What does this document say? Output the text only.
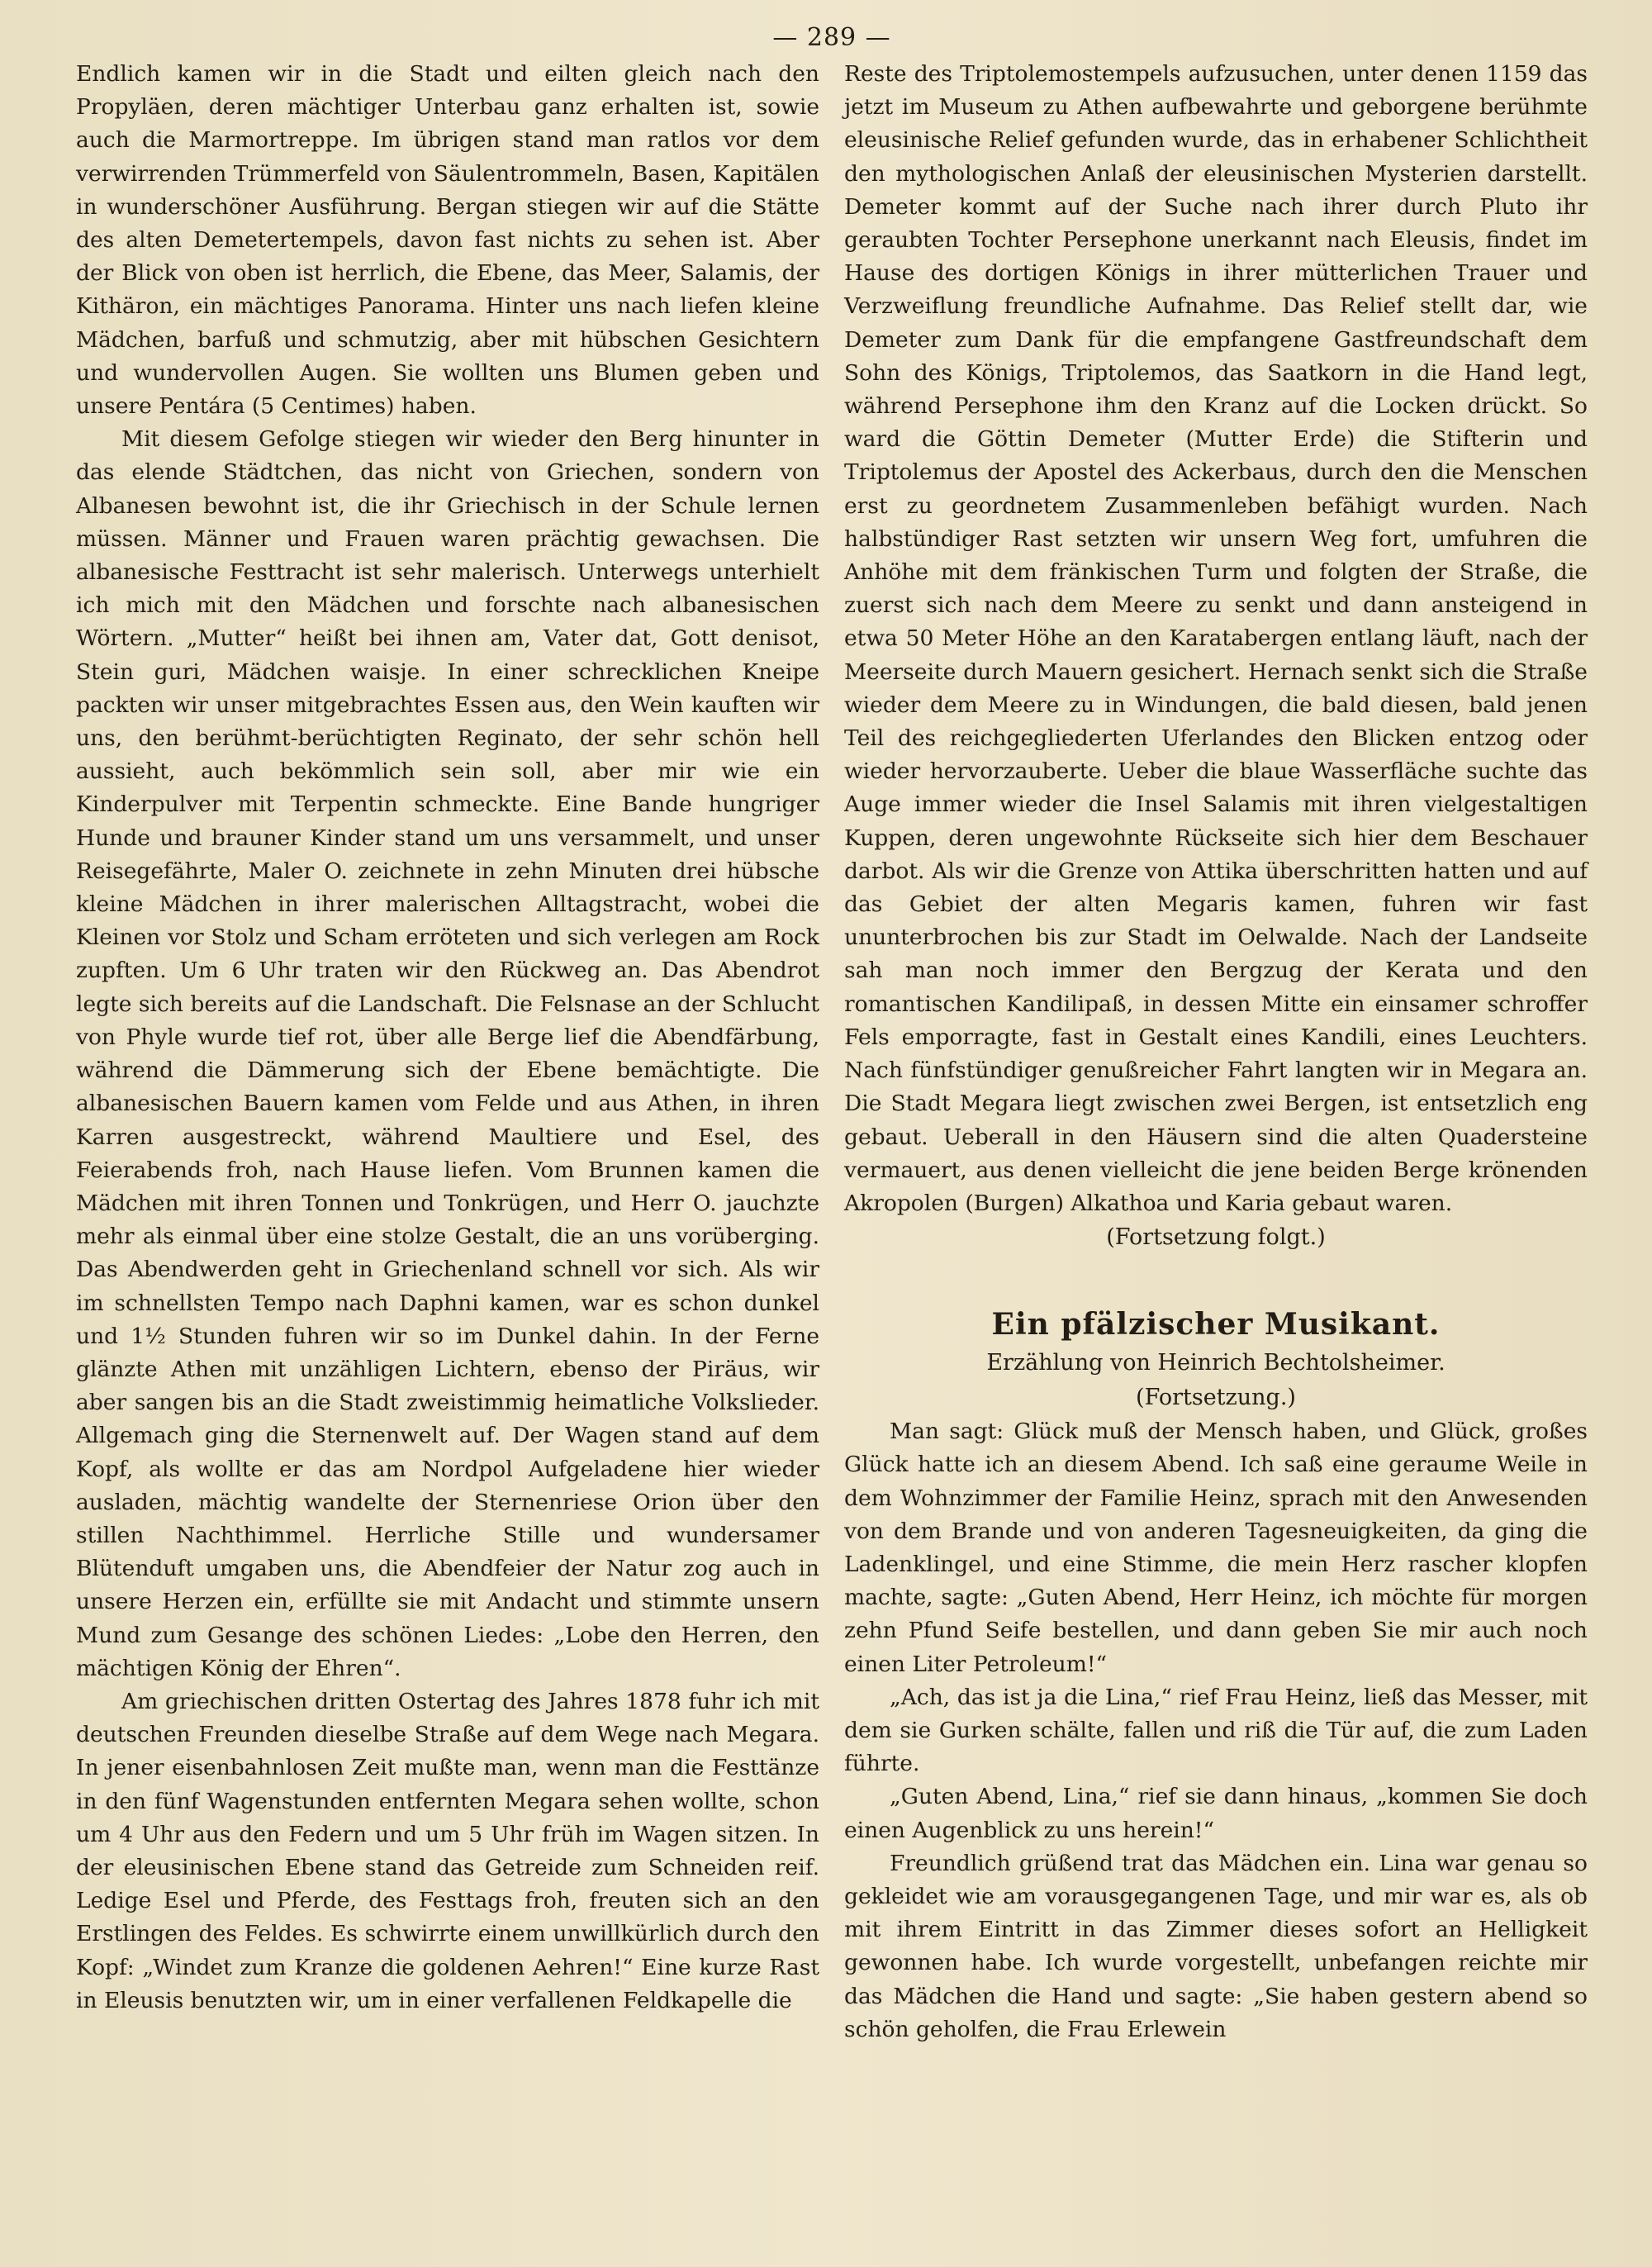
— 289 —

Endlich kamen wir in die Stadt und eilten gleich nach den Propyläen, deren mächtiger Unterbau ganz erhalten ist, sowie auch die Marmortreppe. Im übrigen stand man ratlos vor dem verwirrenden Trümmerfeld von Säulentrommeln, Basen, Kapitälen in wunderschöner Ausführung. Bergan stiegen wir auf die Stätte des alten Demetertempels, davon fast nichts zu sehen ist. Aber der Blick von oben ist herrlich, die Ebene, das Meer, Salamis, der Kithäron, ein mächtiges Panorama. Hinter uns nach liefen kleine Mädchen, barfuß und schmutzig, aber mit hübschen Gesichtern und wundervollen Augen. Sie wollten uns Blumen geben und unsere Pentára (5 Centimes) haben.

Mit diesem Gefolge stiegen wir wieder den Berg hinunter in das elende Städtchen, das nicht von Griechen, sondern von Albanesen bewohnt ist, die ihr Griechisch in der Schule lernen müssen. Männer und Frauen waren prächtig gewachsen. Die albanesische Festtracht ist sehr malerisch. Unterwegs unterhielt ich mich mit den Mädchen und forschte nach albanesischen Wörtern. „Mutter“ heißt bei ihnen am, Vater dat, Gott denisot, Stein guri, Mädchen waisje. In einer schrecklichen Kneipe packten wir unser mitgebrachtes Essen aus, den Wein kauften wir uns, den berühmt-berüchtigten Reginato, der sehr schön hell aussieht, auch bekömmlich sein soll, aber mir wie ein Kinderpulver mit Terpentin schmeckte. Eine Bande hungriger Hunde und brauner Kinder stand um uns versammelt, und unser Reisegefährte, Maler O. zeichnete in zehn Minuten drei hübsche kleine Mädchen in ihrer malerischen Alltagstracht, wobei die Kleinen vor Stolz und Scham erröteten und sich verlegen am Rock zupften. Um 6 Uhr traten wir den Rückweg an. Das Abendrot legte sich bereits auf die Landschaft. Die Felsnase an der Schlucht von Phyle wurde tief rot, über alle Berge lief die Abendfärbung, während die Dämmerung sich der Ebene bemächtigte. Die albanesischen Bauern kamen vom Felde und aus Athen, in ihren Karren ausgestreckt, während Maultiere und Esel, des Feierabends froh, nach Hause liefen. Vom Brunnen kamen die Mädchen mit ihren Tonnen und Tonkrügen, und Herr O. jauchzte mehr als einmal über eine stolze Gestalt, die an uns vorüberging. Das Abendwerden geht in Griechenland schnell vor sich. Als wir im schnellsten Tempo nach Daphni kamen, war es schon dunkel und 1½ Stunden fuhren wir so im Dunkel dahin. In der Ferne glänzte Athen mit unzähligen Lichtern, ebenso der Piräus, wir aber sangen bis an die Stadt zweistimmig heimatliche Volkslieder. Allgemach ging die Sternenwelt auf. Der Wagen stand auf dem Kopf, als wollte er das am Nordpol Aufgeladene hier wieder ausladen, mächtig wandelte der Sternenriese Orion über den stillen Nachthimmel. Herrliche Stille und wundersamer Blütenduft umgaben uns, die Abendfeier der Natur zog auch in unsere Herzen ein, erfüllte sie mit Andacht und stimmte unsern Mund zum Gesange des schönen Liedes: „Lobe den Herren, den mächtigen König der Ehren“.

Am griechischen dritten Ostertag des Jahres 1878 fuhr ich mit deutschen Freunden dieselbe Straße auf dem Wege nach Megara. In jener eisenbahnlosen Zeit mußte man, wenn man die Festtänze in den fünf Wagenstunden entfernten Megara sehen wollte, schon um 4 Uhr aus den Federn und um 5 Uhr früh im Wagen sitzen. In der eleusinischen Ebene stand das Getreide zum Schneiden reif. Ledige Esel und Pferde, des Festtags froh, freuten sich an den Erstlingen des Feldes. Es schwirrte einem unwillkürlich durch den Kopf: „Windet zum Kranze die goldenen Aehren!“ Eine kurze Rast in Eleusis benutzten wir, um in einer verfallenen Feldkapelle die

Reste des Triptolemostempels aufzusuchen, unter denen 1159 das jetzt im Museum zu Athen aufbewahrte und geborgene berühmte eleusinische Relief gefunden wurde, das in erhabener Schlichtheit den mythologischen Anlaß der eleusinischen Mysterien darstellt. Demeter kommt auf der Suche nach ihrer durch Pluto ihr geraubten Tochter Persephone unerkannt nach Eleusis, findet im Hause des dortigen Königs in ihrer mütterlichen Trauer und Verzweiflung freundliche Aufnahme. Das Relief stellt dar, wie Demeter zum Dank für die empfangene Gastfreundschaft dem Sohn des Königs, Triptolemos, das Saatkorn in die Hand legt, während Persephone ihm den Kranz auf die Locken drückt. So ward die Göttin Demeter (Mutter Erde) die Stifterin und Triptolemus der Apostel des Ackerbaus, durch den die Menschen erst zu geordnetem Zusammenleben befähigt wurden. Nach halbstündiger Rast setzten wir unsern Weg fort, umfuhren die Anhöhe mit dem fränkischen Turm und folgten der Straße, die zuerst sich nach dem Meere zu senkt und dann ansteigend in etwa 50 Meter Höhe an den Karatabergen entlang läuft, nach der Meerseite durch Mauern gesichert. Hernach senkt sich die Straße wieder dem Meere zu in Windungen, die bald diesen, bald jenen Teil des reichgegliederten Uferlandes den Blicken entzog oder wieder hervorzauberte. Ueber die blaue Wasserfläche suchte das Auge immer wieder die Insel Salamis mit ihren vielgestaltigen Kuppen, deren ungewohnte Rückseite sich hier dem Beschauer darbot. Als wir die Grenze von Attika überschritten hatten und auf das Gebiet der alten Megaris kamen, fuhren wir fast ununterbrochen bis zur Stadt im Oelwalde. Nach der Landseite sah man noch immer den Bergzug der Kerata und den romantischen Kandilipaß, in dessen Mitte ein einsamer schroffer Fels emporragte, fast in Gestalt eines Kandili, eines Leuchters. Nach fünfstündiger genußreicher Fahrt langten wir in Megara an. Die Stadt Megara liegt zwischen zwei Bergen, ist entsetzlich eng gebaut. Ueberall in den Häusern sind die alten Quadersteine vermauert, aus denen vielleicht die jene beiden Berge krönenden Akropolen (Burgen) Alkathoa und Karia gebaut waren.

(Fortsetzung folgt.)
Ein pfälzischer Musikant.
Erzählung von Heinrich Bechtolsheimer.
(Fortsetzung.)

Man sagt: Glück muß der Mensch haben, und Glück, großes Glück hatte ich an diesem Abend. Ich saß eine geraume Weile in dem Wohnzimmer der Familie Heinz, sprach mit den Anwesenden von dem Brande und von anderen Tagesneuigkeiten, da ging die Ladenklingel, und eine Stimme, die mein Herz rascher klopfen machte, sagte: „Guten Abend, Herr Heinz, ich möchte für morgen zehn Pfund Seife bestellen, und dann geben Sie mir auch noch einen Liter Petroleum!“

„Ach, das ist ja die Lina,“ rief Frau Heinz, ließ das Messer, mit dem sie Gurken schälte, fallen und riß die Tür auf, die zum Laden führte.

„Guten Abend, Lina,“ rief sie dann hinaus, „kommen Sie doch einen Augenblick zu uns herein!“

Freundlich grüßend trat das Mädchen ein. Lina war genau so gekleidet wie am vorausgegangenen Tage, und mir war es, als ob mit ihrem Eintritt in das Zimmer dieses sofort an Helligkeit gewonnen habe. Ich wurde vorgestellt, unbefangen reichte mir das Mädchen die Hand und sagte: „Sie haben gestern abend so schön geholfen, die Frau Erlewein
